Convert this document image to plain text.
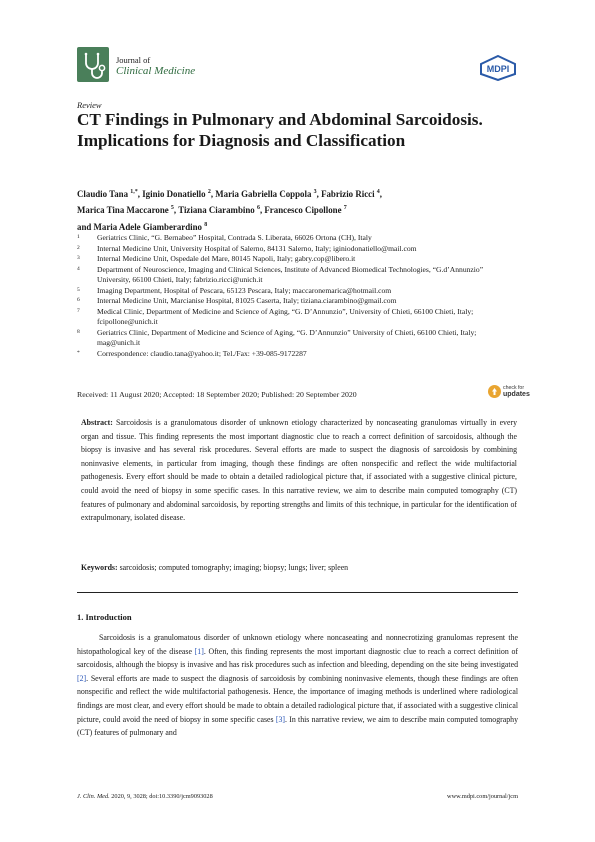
Journal of
Clinical Medicine	MDPI
Review
CT Findings in Pulmonary and Abdominal Sarcoidosis. Implications for Diagnosis and Classification
Claudio Tana $^{1,*}$, Iginio Donatiello $^2$, Maria Gabriella Coppola $^3$, Fabrizio Ricci $^4$,
Marica Tina Maccarone $^5$, Tiziana Ciarambino $^6$, Francesco Cipollone $^7$
and Maria Adele Giamberardino $^8$
1	Geriatrics Clinic, “G. Bernabeo” Hospital, Contrada S. Liberata, 66026 Ortona (CH), Italy
2	Internal Medicine Unit, University Hospital of Salerno, 84131 Salerno, Italy; iginiodonatiello@mail.com
3	Internal Medicine Unit, Ospedale del Mare, 80145 Napoli, Italy; gabry.cop@libero.it
4	Department of Neuroscience, Imaging and Clinical Sciences, Institute of Advanced Biomedical Technologies, “G.d’Annunzio” University, 66100 Chieti, Italy; fabrizio.ricci@unich.it
5	Imaging Department, Hospital of Pescara, 65123 Pescara, Italy; maccaronemarica@hotmail.com
6	Internal Medicine Unit, Marcianise Hospital, 81025 Caserta, Italy; tiziana.ciarambino@gmail.com
7	Medical Clinic, Department of Medicine and Science of Aging, “G. D’Annunzio”, University of Chieti, 66100 Chieti, Italy; fcipollone@unich.it
8	Geriatrics Clinic, Department of Medicine and Science of Aging, “G. D’Annunzio” University of Chieti, 66100 Chieti, Italy; mag@unich.it
*	Correspondence: claudio.tana@yahoo.it; Tel./Fax: +39-085-9172287
Received: 11 August 2020; Accepted: 18 September 2020; Published: 20 September 2020
check for
updates
Abstract: Sarcoidosis is a granulomatous disorder of unknown etiology characterized by noncaseating granulomas virtually in every organ and tissue. This finding represents the most important diagnostic clue to reach a correct definition of sarcoidosis, although the biopsy is invasive and has several risk procedures. Several efforts are made to suspect the diagnosis of sarcoidosis by combining noninvasive elements, in particular from imaging, though these findings are often nonspecific and reflect the wide multifactorial pathogenesis. Every effort should be made to obtain a detailed radiological picture that, if associated with a suggestive clinical picture, could avoid the need of biopsy in some specific cases. In this narrative review, we aim to describe main computed tomography (CT) features of pulmonary and abdominal sarcoidosis, by reporting strengths and limits of this technique, in particular for the identification of extrapulmonary, isolated disease.
Keywords: sarcoidosis; computed tomography; imaging; biopsy; lungs; liver; spleen
1. Introduction

Sarcoidosis is a granulomatous disorder of unknown etiology where noncaseating and nonnecrotizing granulomas represent the histopathological key of the disease [1]. Often, this finding represents the most important diagnostic clue to reach a correct definition of sarcoidosis, although the biopsy is invasive and has risk procedures such as infection and bleeding, depending on the site being investigated [2]. Several efforts are made to suspect the diagnosis of sarcoidosis by combining noninvasive elements, though these findings are often nonspecific and reflect the wide multifactorial pathogenesis. Hence, the importance of imaging methods is underlined where radiological findings are most clear, and every effort should be made to obtain a detailed radiological picture that, if associated with a suggestive clinical picture, could avoid the need of biopsy in some specific cases [3]. In this narrative review, we aim to describe main computed tomography (CT) features of pulmonary and

J. Clin. Med. 2020, 9, 3028; doi:10.3390/jcm9093028	www.mdpi.com/journal/jcm
